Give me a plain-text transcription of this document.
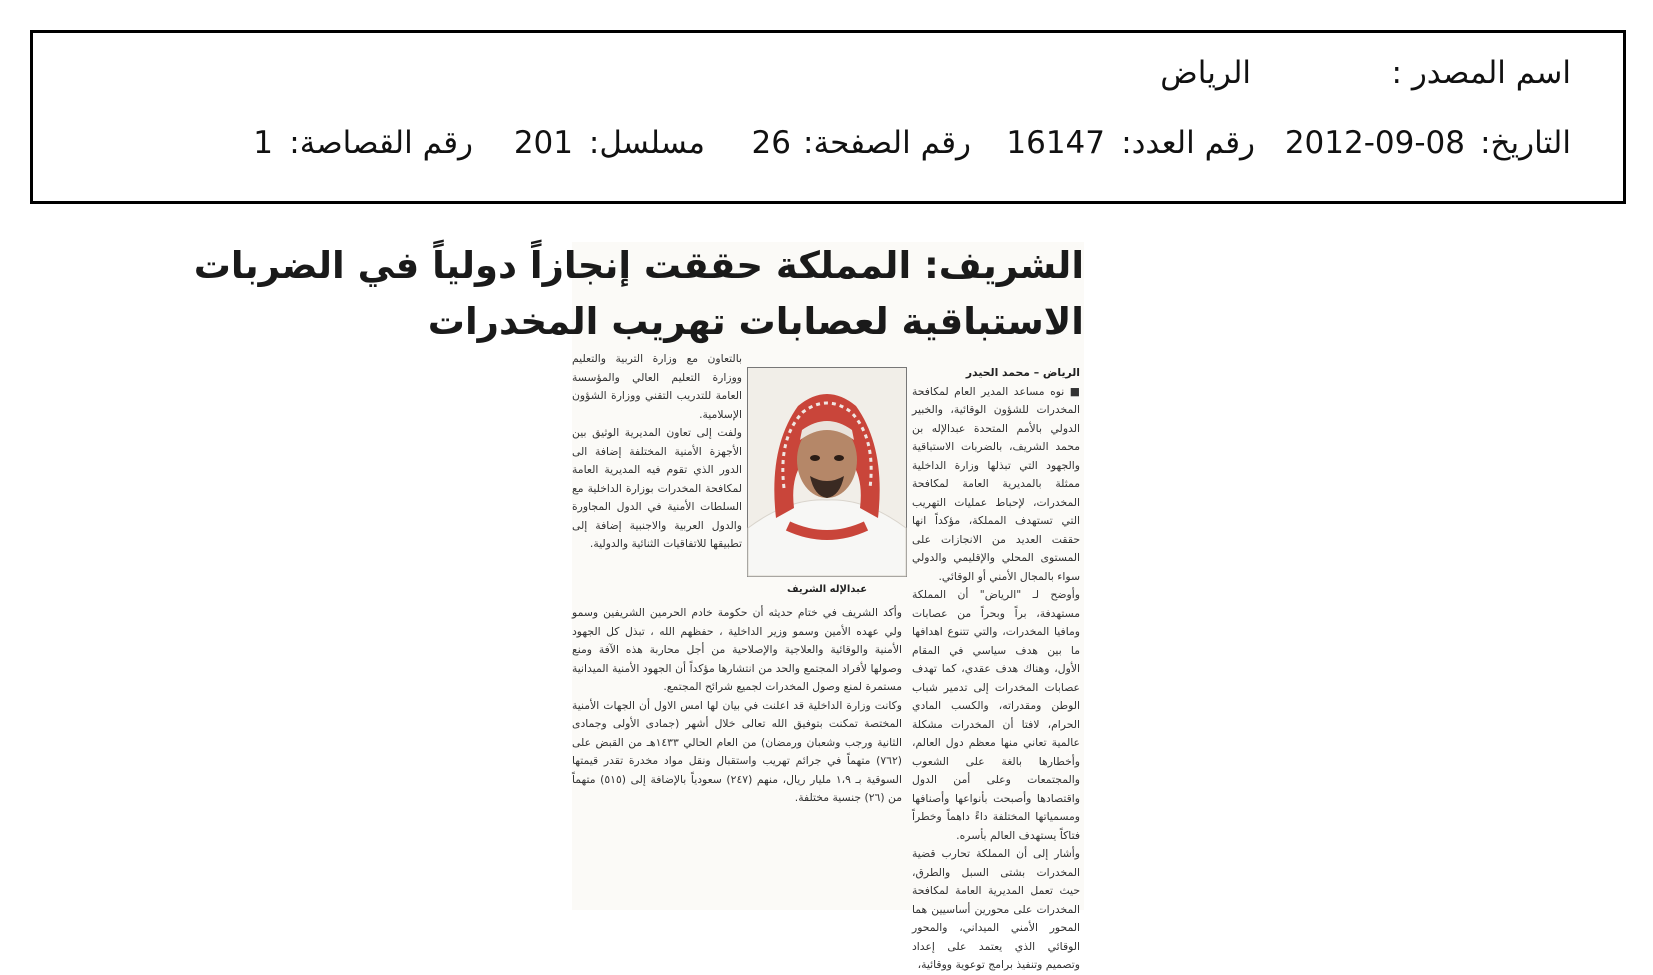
اسم المصدر :
الرياض
التاريخ:
2012-09-08
رقم العدد:
16147
رقم الصفحة:
26
مسلسل:
201
رقم القصاصة:
1
الشريف: المملكة حققت إنجازاً دولياً في الضربات
الاستباقية لعصابات تهريب المخدرات

الرياض – محمد الحيدر

■ نوه مساعد المدير العام لمكافحة المخدرات للشؤون الوقائية، والخبير الدولي بالأمم المتحدة عبدالإله بن محمد الشريف، بالضربات الاستباقية والجهود التي تبذلها وزارة الداخلية ممثلة بالمديرية العامة لمكافحة المخدرات، لإحباط عمليات التهريب التي تستهدف المملكة، مؤكداً انها حققت العديد من الانجازات على المستوى المحلي والإقليمي والدولي سواء بالمجال الأمني أو الوقائي.

وأوضح لـ "الرياض" أن المملكة مستهدفة، براً وبحراً من عصابات ومافيا المخدرات، والتي تتنوع اهدافها ما بين هدف سياسي في المقام الأول، وهناك هدف عقدي، كما تهدف عصابات المخدرات إلى تدمير شباب الوطن ومقدراته، والكسب المادي الحرام، لافتا أن المخدرات مشكلة عالمية تعاني منها معظم دول العالم، وأخطارها بالغة على الشعوب والمجتمعات وعلى أمن الدول واقتصادها وأصبحت بأنواعها وأصنافها ومسمياتها المختلفة داءً داهماً وخطراً فتاكاً يستهدف العالم بأسره.

وأشار إلى أن المملكة تحارب قضية المخدرات بشتى السبل والطرق، حيث تعمل المديرية العامة لمكافحة المخدرات على محورين أساسيين هما المحور الأمني الميداني، والمحور الوقائي الذي يعتمد على إعداد وتصميم وتنفيذ برامج توعوية ووقائية،

عبدالإله الشريف

بالتعاون مع وزارة التربية والتعليم ووزارة التعليم العالي والمؤسسة العامة للتدريب التقني ووزارة الشؤون الإسلامية.

ولفت إلى تعاون المديرية الوثيق بين الأجهزة الأمنية المختلفة إضافة الى الدور الذي تقوم فيه المديرية العامة لمكافحة المخدرات بوزارة الداخلية مع السلطات الأمنية في الدول المجاورة والدول العربية والاجنبية إضافة إلى تطبيقها للاتفاقيات الثنائية والدولية.

وأكد الشريف في ختام حديثه أن حكومة خادم الحرمين الشريفين وسمو ولي عهده الأمين وسمو وزير الداخلية ، حفظهم الله ، تبذل كل الجهود الأمنية والوقائية والعلاجية والإصلاحية من أجل محاربة هذه الآفة ومنع وصولها لأفراد المجتمع والحد من انتشارها مؤكداً أن الجهود الأمنية الميدانية مستمرة لمنع وصول المخدرات لجميع شرائح المجتمع.

وكانت وزارة الداخلية قد اعلنت في بيان لها امس الاول أن الجهات الأمنية المختصة تمكنت بتوفيق الله تعالى خلال أشهر (جمادى الأولى وجمادى الثانية ورجب وشعبان ورمضان) من العام الحالي ١٤٣٣هـ من القبض على (٧٦٢) متهماً في جرائم تهريب واستقبال ونقل مواد مخدرة تقدر قيمتها السوقية بـ ١،٩ مليار ريال، منهم (٢٤٧) سعودياً بالإضافة إلى (٥١٥) متهماً من (٢٦) جنسية مختلفة.
